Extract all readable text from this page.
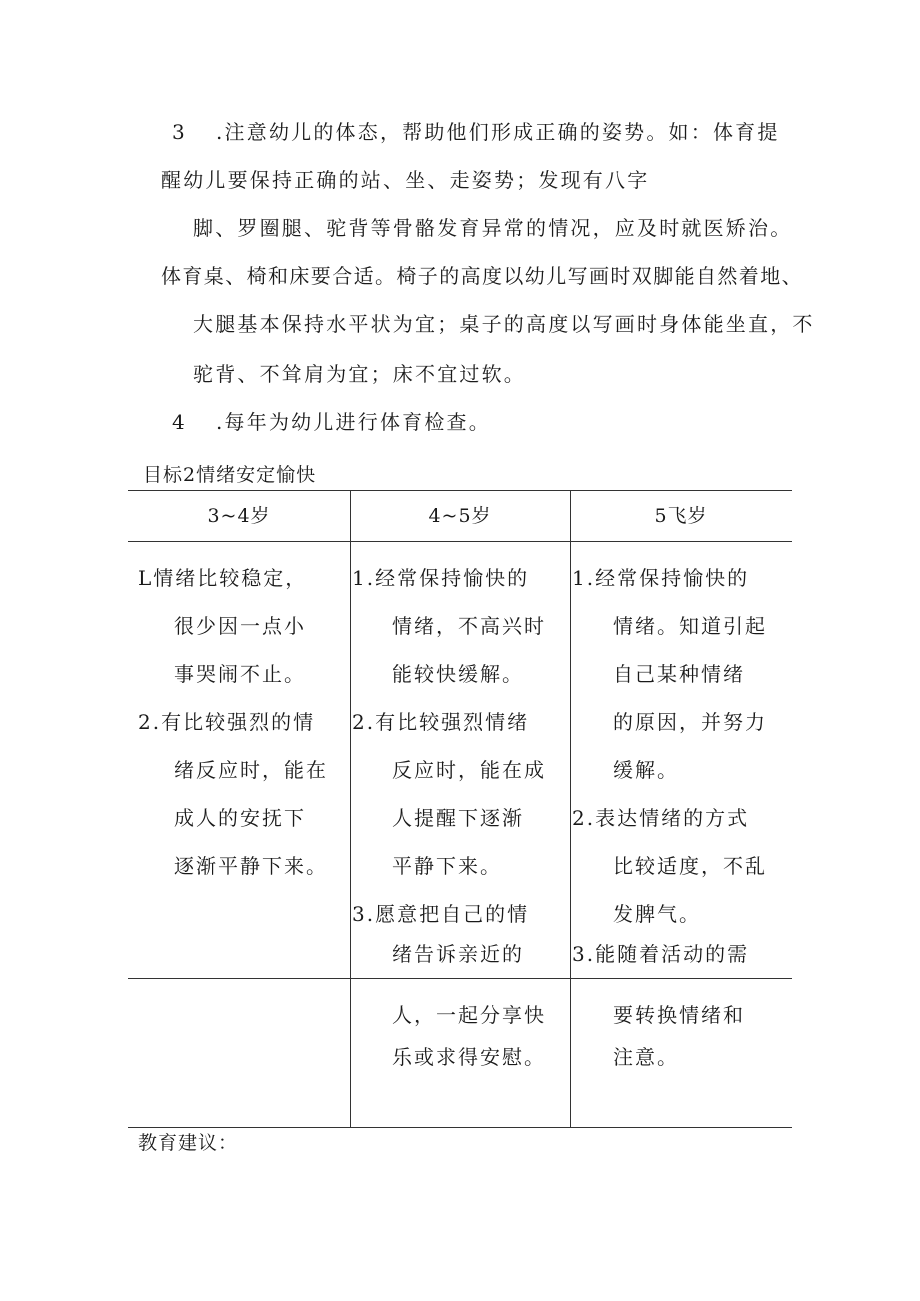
3 .注意幼儿的体态，帮助他们形成正确的姿势。如：体育提
醒幼儿要保持正确的站、坐、走姿势；发现有八字
脚、罗圈腿、驼背等骨骼发育异常的情况，应及时就医矫治。
体育桌、椅和床要合适。椅子的高度以幼儿写画时双脚能自然着地、
大腿基本保持水平状为宜；桌子的高度以写画时身体能坐直，不
驼背、不耸肩为宜；床不宜过软。
4 .每年为幼儿进行体育检查。
目标2情绪安定愉快
3~4岁	4~5岁	5飞岁
L情绪比较稳定，
很少因一点小
事哭闹不止。
2.有比较强烈的情
绪反应时，能在
成人的安抚下
逐渐平静下来。
1.经常保持愉快的
情绪，不高兴时
能较快缓解。
2.有比较强烈情绪
反应时，能在成
人提醒下逐渐
平静下来。
3.愿意把自己的情
绪告诉亲近的
1.经常保持愉快的
情绪。知道引起
自己某种情绪
的原因，并努力
缓解。
2.表达情绪的方式
比较适度，不乱
发脾气。
3.能随着活动的需
人，一起分享快
乐或求得安慰。
要转换情绪和
注意。
教育建议：
